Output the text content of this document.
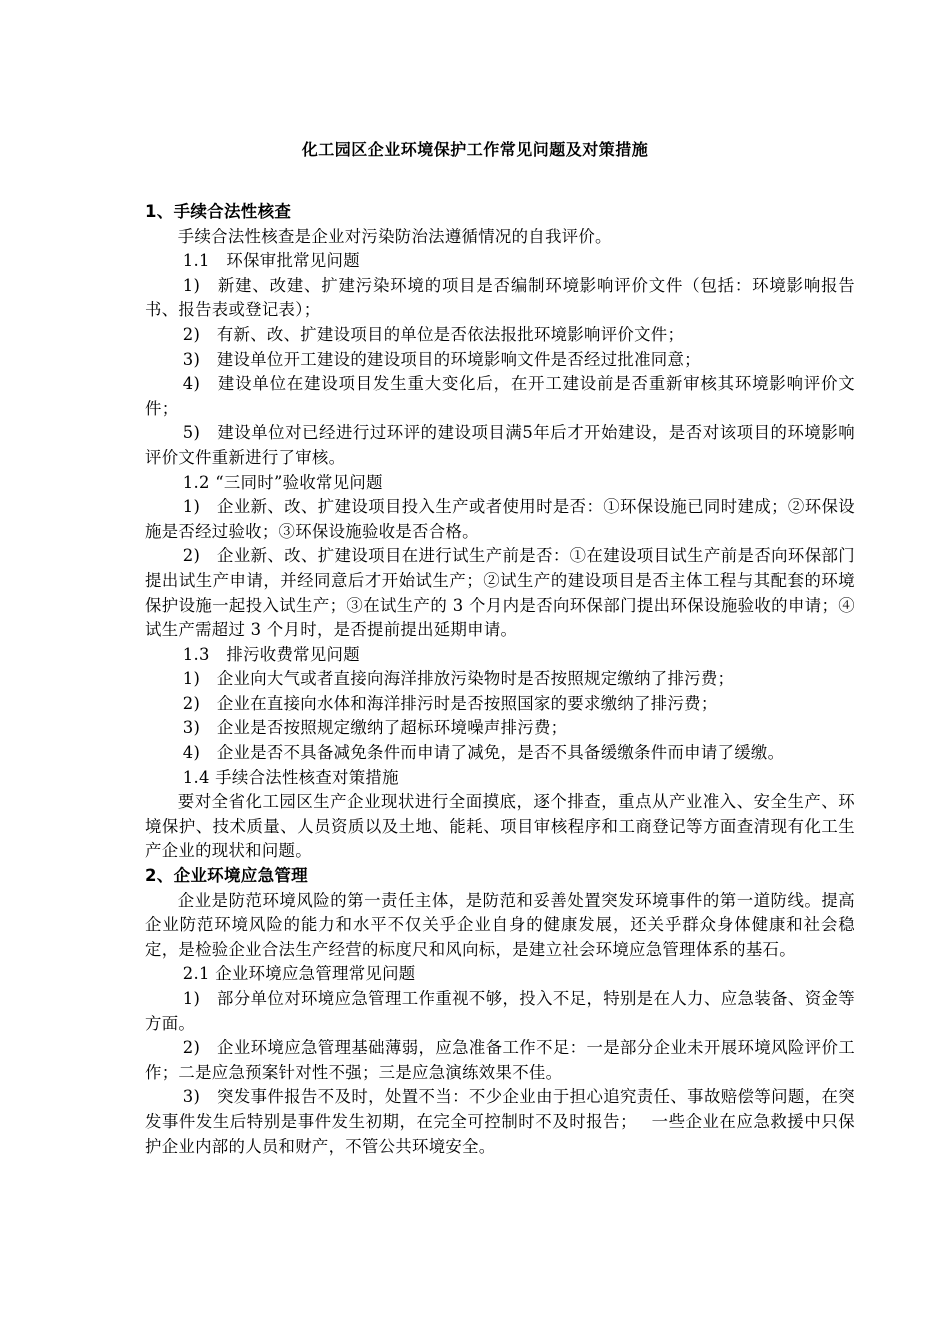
化工园区企业环境保护工作常见问题及对策措施
1、手续合法性核查

手续合法性核查是企业对污染防治法遵循情况的自我评价。

1.1　环保审批常见问题

1)　新建、改建、扩建污染环境的项目是否编制环境影响评价文件（包括：环境影响报告书、报告表或登记表）；

2)　有新、改、扩建设项目的单位是否依法报批环境影响评价文件；

3)　建设单位开工建设的建设项目的环境影响文件是否经过批准同意；

4)　建设单位在建设项目发生重大变化后，在开工建设前是否重新审核其环境影响评价文件；

5)　建设单位对已经进行过环评的建设项目满5年后才开始建设，是否对该项目的环境影响评价文件重新进行了审核。

1.2 “三同时”验收常见问题

1)　企业新、改、扩建设项目投入生产或者使用时是否：①环保设施已同时建成；②环保设施是否经过验收；③环保设施验收是否合格。

2)　企业新、改、扩建设项目在进行试生产前是否：①在建设项目试生产前是否向环保部门提出试生产申请，并经同意后才开始试生产；②试生产的建设项目是否主体工程与其配套的环境保护设施一起投入试生产；③在试生产的 3 个月内是否向环保部门提出环保设施验收的申请；④试生产需超过 3 个月时，是否提前提出延期申请。

1.3　排污收费常见问题

1)　企业向大气或者直接向海洋排放污染物时是否按照规定缴纳了排污费；

2)　企业在直接向水体和海洋排污时是否按照国家的要求缴纳了排污费；

3)　企业是否按照规定缴纳了超标环境噪声排污费；

4)　企业是否不具备减免条件而申请了减免，是否不具备缓缴条件而申请了缓缴。

1.4 手续合法性核查对策措施

要对全省化工园区生产企业现状进行全面摸底，逐个排查，重点从产业准入、安全生产、环境保护、技术质量、人员资质以及土地、能耗、项目审核程序和工商登记等方面查清现有化工生产企业的现状和问题。

2、企业环境应急管理

企业是防范环境风险的第一责任主体，是防范和妥善处置突发环境事件的第一道防线。提高企业防范环境风险的能力和水平不仅关乎企业自身的健康发展，还关乎群众身体健康和社会稳定，是检验企业合法生产经营的标度尺和风向标，是建立社会环境应急管理体系的基石。

2.1 企业环境应急管理常见问题

1)　部分单位对环境应急管理工作重视不够，投入不足，特别是在人力、应急装备、资金等方面。

2)　企业环境应急管理基础薄弱，应急准备工作不足：一是部分企业未开展环境风险评价工作；二是应急预案针对性不强；三是应急演练效果不佳。

3)　突发事件报告不及时，处置不当：不少企业由于担心追究责任、事故赔偿等问题，在突发事件发生后特别是事件发生初期，在完全可控制时不及时报告；　 一些企业在应急救援中只保护企业内部的人员和财产，不管公共环境安全。
